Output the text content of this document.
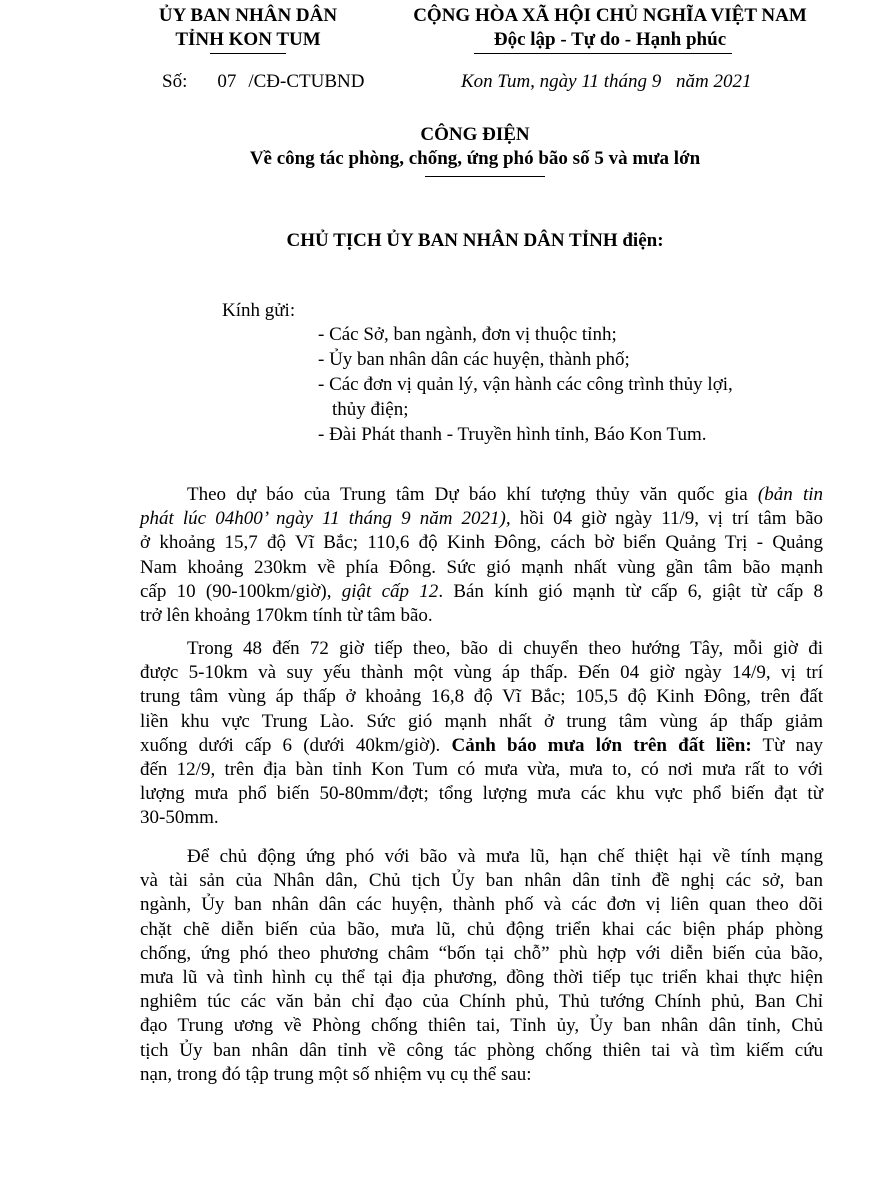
ỦY BAN NHÂN DÂN
TỈNH KON TUM
CỘNG HÒA XÃ HỘI CHỦ NGHĨA VIỆT NAM
Độc lập - Tự do - Hạnh phúc
Số: 07 /CĐ-CTUBND	Kon Tum, ngày 11 tháng 9 năm 2021
CÔNG ĐIỆN
Về công tác phòng, chống, ứng phó bão số 5 và mưa lớn
CHỦ TỊCH ỦY BAN NHÂN DÂN TỈNH điện:
Kính gửi:
- Các Sở, ban ngành, đơn vị thuộc tỉnh;
- Ủy ban nhân dân các huyện, thành phố;
- Các đơn vị quản lý, vận hành các công trình thủy lợi,
thủy điện;
- Đài Phát thanh - Truyền hình tỉnh, Báo Kon Tum.
Theo dự báo của Trung tâm Dự báo khí tượng thủy văn quốc gia (bản tin
phát lúc 04h00’ ngày 11 tháng 9 năm 2021), hồi 04 giờ ngày 11/9, vị trí tâm bão
ở khoảng 15,7 độ Vĩ Bắc; 110,6 độ Kinh Đông, cách bờ biển Quảng Trị - Quảng
Nam khoảng 230km về phía Đông. Sức gió mạnh nhất vùng gần tâm bão mạnh
cấp 10 (90-100km/giờ), giật cấp 12. Bán kính gió mạnh từ cấp 6, giật từ cấp 8
trở lên khoảng 170km tính từ tâm bão.
Trong 48 đến 72 giờ tiếp theo, bão di chuyển theo hướng Tây, mỗi giờ đi
được 5-10km và suy yếu thành một vùng áp thấp. Đến 04 giờ ngày 14/9, vị trí
trung tâm vùng áp thấp ở khoảng 16,8 độ Vĩ Bắc; 105,5 độ Kinh Đông, trên đất
liền khu vực Trung Lào. Sức gió mạnh nhất ở trung tâm vùng áp thấp giảm
xuống dưới cấp 6 (dưới 40km/giờ). Cảnh báo mưa lớn trên đất liền: Từ nay
đến 12/9, trên địa bàn tỉnh Kon Tum có mưa vừa, mưa to, có nơi mưa rất to với
lượng mưa phổ biến 50-80mm/đợt; tổng lượng mưa các khu vực phổ biến đạt từ
30-50mm.
Để chủ động ứng phó với bão và mưa lũ, hạn chế thiệt hại về tính mạng
và tài sản của Nhân dân, Chủ tịch Ủy ban nhân dân tỉnh đề nghị các sở, ban
ngành, Ủy ban nhân dân các huyện, thành phố và các đơn vị liên quan theo dõi
chặt chẽ diễn biến của bão, mưa lũ, chủ động triển khai các biện pháp phòng
chống, ứng phó theo phương châm “bốn tại chỗ” phù hợp với diễn biến của bão,
mưa lũ và tình hình cụ thể tại địa phương, đồng thời tiếp tục triển khai thực hiện
nghiêm túc các văn bản chỉ đạo của Chính phủ, Thủ tướng Chính phủ, Ban Chỉ
đạo Trung ương về Phòng chống thiên tai, Tỉnh ủy, Ủy ban nhân dân tỉnh, Chủ
tịch Ủy ban nhân dân tỉnh về công tác phòng chống thiên tai và tìm kiếm cứu
nạn, trong đó tập trung một số nhiệm vụ cụ thể sau:
